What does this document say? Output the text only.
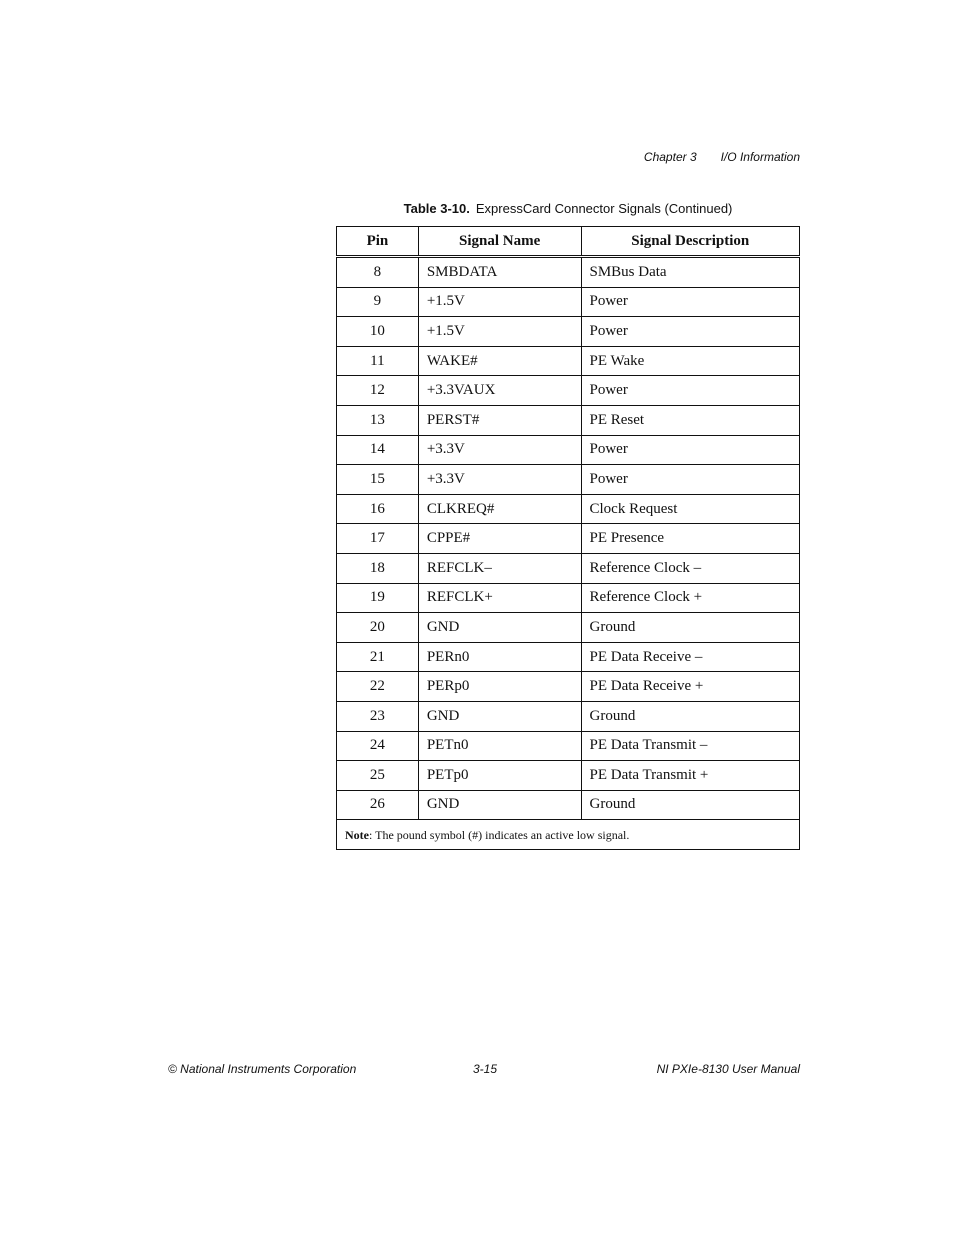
Chapter 3 I/O Information
Table 3-10. ExpressCard Connector Signals (Continued)
Pin	Signal Name	Signal Description
8	SMBDATA	SMBus Data
9	+1.5V	Power
10	+1.5V	Power
11	WAKE#	PE Wake
12	+3.3VAUX	Power
13	PERST#	PE Reset
14	+3.3V	Power
15	+3.3V	Power
16	CLKREQ#	Clock Request
17	CPPE#	PE Presence
18	REFCLK–	Reference Clock –
19	REFCLK+	Reference Clock +
20	GND	Ground
21	PERn0	PE Data Receive –
22	PERp0	PE Data Receive +
23	GND	Ground
24	PETn0	PE Data Transmit –
25	PETp0	PE Data Transmit +
26	GND	Ground
Note: The pound symbol (#) indicates an active low signal.		
© National Instruments Corporation	3-15	NI PXIe-8130 User Manual
